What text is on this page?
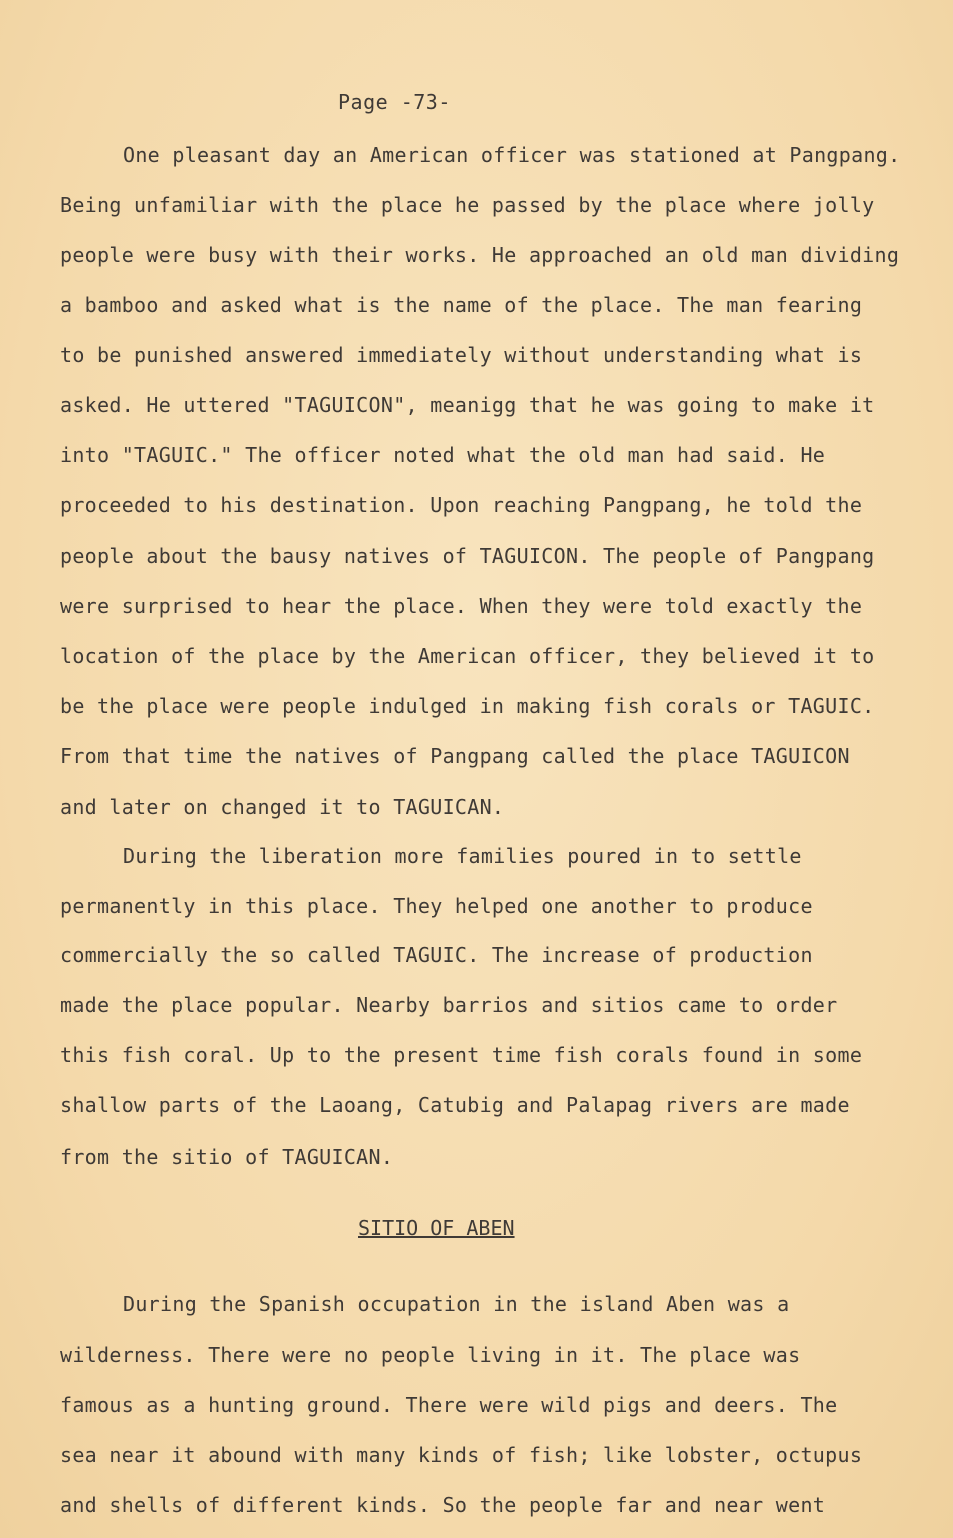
Page -73-
One pleasant day an American officer was stationed at Pangpang.
Being unfamiliar with the place he passed by the place where jolly
people were busy with their works. He approached an old man dividing
a bamboo and asked what is the name of the place. The man fearing
to be punished answered immediately without understanding what is
asked. He uttered "TAGUICON", meanigg that he was going to make it
into "TAGUIC." The officer noted what the old man had said. He
proceeded to his destination. Upon reaching Pangpang, he told the
people about the bausy natives of TAGUICON. The people of Pangpang
were surprised to hear the place. When they were told exactly the
location of the place by the American officer, they believed it to
be the place were people indulged in making fish corals or TAGUIC.
From that time the natives of Pangpang called the place TAGUICON
and later on changed it to TAGUICAN.
During the liberation more families poured in to settle
permanently in this place. They helped one another to produce
commercially the so called TAGUIC. The increase of production
made the place popular. Nearby barrios and sitios came to order
this fish coral. Up to the present time fish corals found in some
shallow parts of the Laoang, Catubig and Palapag rivers are made
from the sitio of TAGUICAN.
SITIO OF ABEN
During the Spanish occupation in the island Aben was a
wilderness. There were no people living in it. The place was
famous as a hunting ground. There were wild pigs and deers. The
sea near it abound with many kinds of fish; like lobster, octupus
and shells of different kinds. So the people far and near went
